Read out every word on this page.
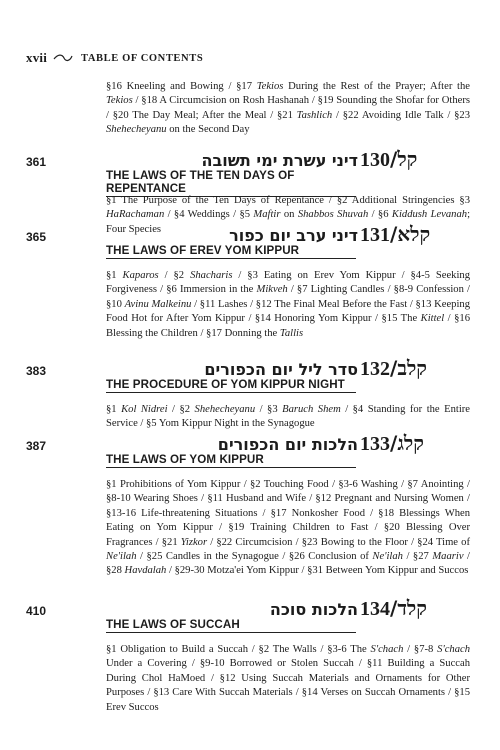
xvii	TABLE OF CONTENTS
§16 Kneeling and Bowing / §17 Tekios During the Rest of the Prayer; After the Tekios / §18 A Circumcision on Rosh Hashanah / §19 Sounding the Shofar for Others / §20 The Day Meal; After the Meal / §21 Tashlich / §22 Avoiding Idle Talk / §23 Shehecheyanu on the Second Day
361	דיני עשרת ימי תשובה	קל/130
THE LAWS OF THE TEN DAYS OF REPENTANCE
§1 The Purpose of the Ten Days of Repentance / §2 Additional Stringencies §3 HaRachaman / §4 Weddings / §5 Maftir on Shabbos Shuvah / §6 Kiddush Levanah; Four Species
365	דיני ערב יום כפור	קלא/131
THE LAWS OF EREV YOM KIPPUR
§1 Kaparos / §2 Shacharis / §3 Eating on Erev Yom Kippur / §4-5 Seeking Forgiveness / §6 Immersion in the Mikveh / §7 Lighting Candles / §8-9 Confession / §10 Avinu Malkeinu / §11 Lashes / §12 The Final Meal Before the Fast / §13 Keeping Food Hot for After Yom Kippur / §14 Honoring Yom Kippur / §15 The Kittel / §16 Blessing the Children / §17 Donning the Tallis
383	סדר ליל יום הכפורים	קלב/132
THE PROCEDURE OF YOM KIPPUR NIGHT
§1 Kol Nidrei / §2 Shehecheyanu / §3 Baruch Shem / §4 Standing for the Entire Service / §5 Yom Kippur Night in the Synagogue
387	הלכות יום הכפורים	קלג/133
THE LAWS OF YOM KIPPUR
§1 Prohibitions of Yom Kippur / §2 Touching Food / §3-6 Washing / §7 Anointing / §8-10 Wearing Shoes / §11 Husband and Wife / §12 Pregnant and Nursing Women / §13-16 Life-threatening Situations / §17 Nonkosher Food / §18 Blessings When Eating on Yom Kippur / §19 Training Children to Fast / §20 Blessing Over Fragrances / §21 Yizkor / §22 Circumcision / §23 Bowing to the Floor / §24 Time of Ne'ilah / §25 Candles in the Synagogue / §26 Conclusion of Ne'ilah / §27 Maariv / §28 Havdalah / §29-30 Motza'ei Yom Kippur / §31 Between Yom Kippur and Succos
410	הלכות סוכה	קלד/134
THE LAWS OF SUCCAH
§1 Obligation to Build a Succah / §2 The Walls / §3-6 The S'chach / §7-8 S'chach Under a Covering / §9-10 Borrowed or Stolen Succah / §11 Building a Succah During Chol HaMoed / §12 Using Succah Materials and Ornaments for Other Purposes / §13 Care With Succah Materials / §14 Verses on Succah Ornaments / §15 Erev Succos
